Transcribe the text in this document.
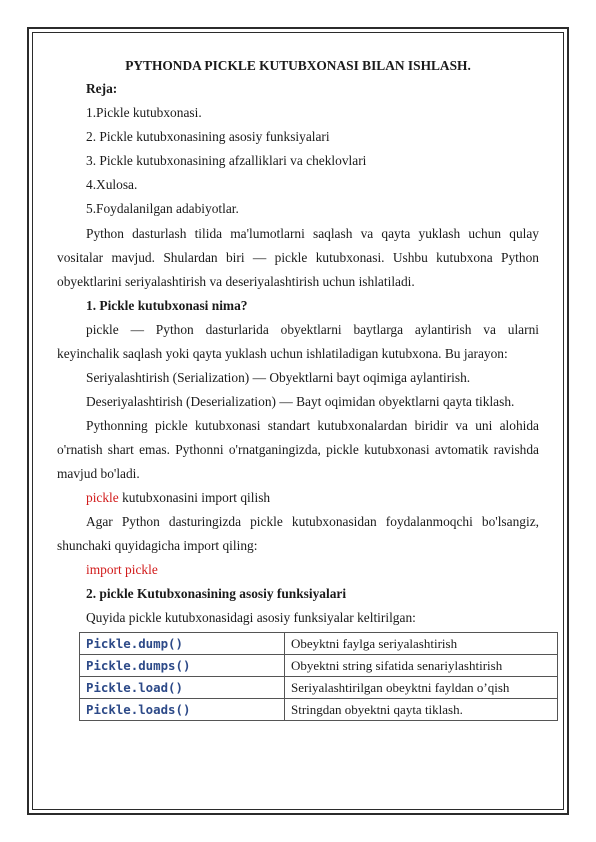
PYTHONDA PICKLE KUTUBXONASI BILAN ISHLASH.
Reja:
1.Pickle kutubxonasi.
2. Pickle kutubxonasining asosiy funksiyalari
3. Pickle kutubxonasining afzalliklari va cheklovlari
4.Xulosa.
5.Foydalanilgan adabiyotlar.
Python dasturlash tilida ma'lumotlarni saqlash va qayta yuklash uchun qulay
vositalar mavjud. Shulardan biri — pickle kutubxonasi. Ushbu kutubxona Python
obyektlarini seriyalashtirish va deseriyalashtirish uchun ishlatiladi.
1. Pickle kutubxonasi nima?
pickle — Python dasturlarida obyektlarni baytlarga aylantirish va ularni
keyinchalik saqlash yoki qayta yuklash uchun ishlatiladigan kutubxona. Bu jarayon:
Seriyalashtirish (Serialization) — Obyektlarni bayt oqimiga aylantirish.
Deseriyalashtirish (Deserialization) — Bayt oqimidan obyektlarni qayta tiklash.
Pythonning pickle kutubxonasi standart kutubxonalardan biridir va uni alohida
o'rnatish shart emas. Pythonni o'rnatganingizda, pickle kutubxonasi avtomatik ravishda
mavjud bo'ladi.
pickle kutubxonasini import qilish
Agar Python dasturingizda pickle kutubxonasidan foydalanmoqchi bo'lsangiz,
shunchaki quyidagicha import qiling:
import pickle
2. pickle Kutubxonasining asosiy funksiyalari
Quyida pickle kutubxonasidagi asosiy funksiyalar keltirilgan:
Pickle.dump()	Obeyktni faylga seriyalashtirish
Pickle.dumps()	Obyektni string sifatida senariylashtirish
Pickle.load()	Seriyalashtirilgan obeyktni fayldan o’qish
Pickle.loads()	Stringdan obyektni qayta tiklash.
